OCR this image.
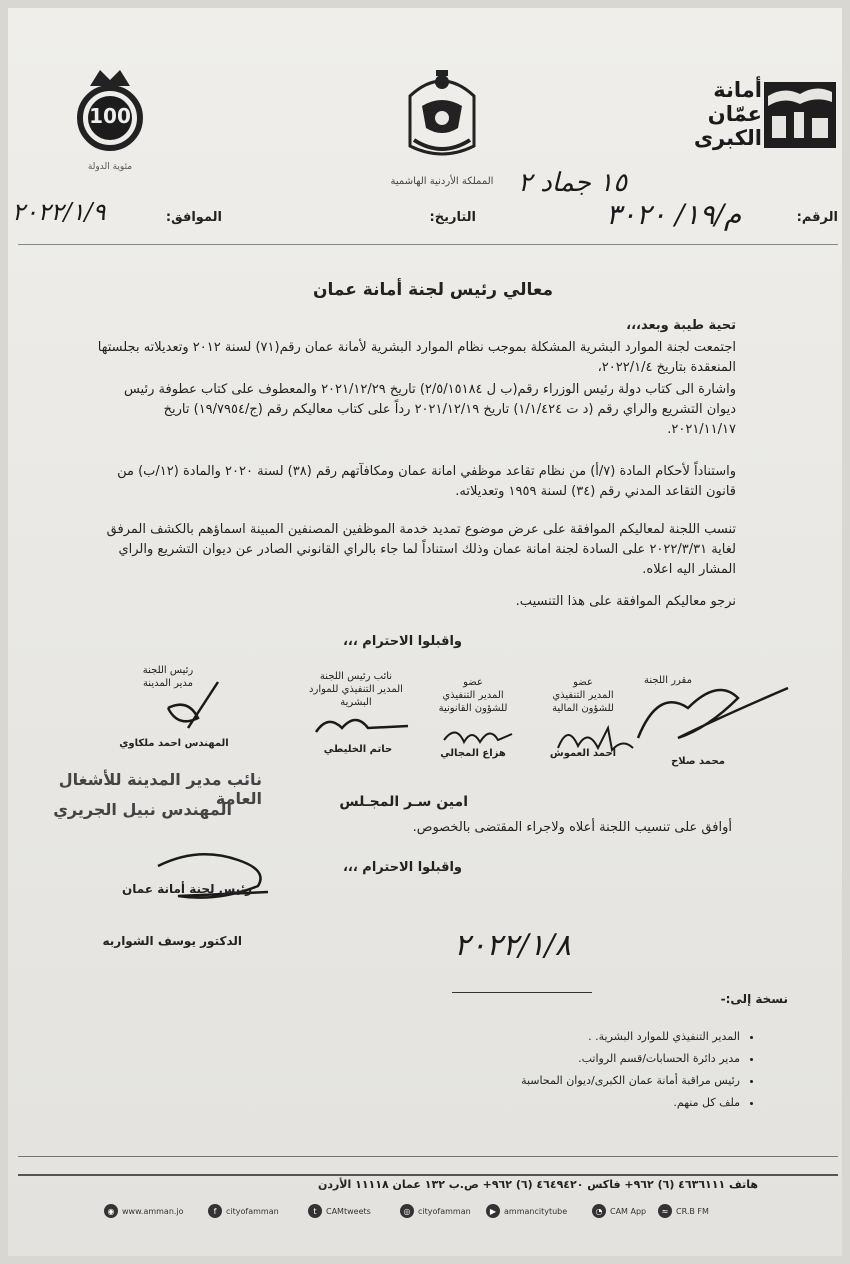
أمانة
عمّان
الكبرى
المملكة الأردنية الهاشمية
100
مئوية الدولة
١٥ جماد ٢
الرقم:
م/١٩/ ٣٠٢٠
التاريخ:
الموافق:
٢٠٢٢/١/٩
معالي رئيس لجنة أمانة عمان
تحية طيبة وبعد،،،
اجتمعت لجنة الموارد البشرية المشكلة بموجب نظام الموارد البشرية لأمانة عمان رقم(٧١) لسنة ٢٠١٢ وتعديلاته بجلستها المنعقدة بتاريخ ٢٠٢٢/١/٤،
واشارة الى كتاب دولة رئيس الوزراء رقم(ب ل ٢/٥/١٥١٨٤) تاريخ ٢٠٢١/١٢/٢٩ والمعطوف على كتاب عطوفة رئيس ديوان التشريع والراي رقم (د ت ١/١/٤٢٤) تاريخ ٢٠٢١/١٢/١٩ رداً على كتاب معاليكم رقم (ج/١٩/٧٩٥٤) تاريخ ٢٠٢١/١١/١٧.
واستناداً لأحكام المادة (٧/أ) من نظام تقاعد موظفي امانة عمان ومكافآتهم رقم (٣٨) لسنة ٢٠٢٠ والمادة (١٢/ب) من قانون التقاعد المدني رقم (٣٤) لسنة ١٩٥٩ وتعديلاته.
تنسب اللجنة لمعاليكم الموافقة على عرض موضوع تمديد خدمة الموظفين المصنفين المبينة اسماؤهم بالكشف المرفق لغاية ٢٠٢٢/٣/٣١ على السادة لجنة امانة عمان وذلك استناداً لما جاء بالراي القانوني الصادر عن ديوان التشريع والراي المشار اليه اعلاه.
نرجو معاليكم الموافقة على هذا التنسيب.
واقبلوا الاحترام ،،،
مقرر اللجنة
محمد صلاح
عضو
المدير التنفيذي
للشؤون المالية
احمد العموش
عضو
المدير التنفيذي
للشؤون القانونية
هزاع المجالي
نائب رئيس اللجنة
المدير التنفيذي للموارد
البشرية
حاتم الخليطي
رئيس اللجنة
مدير المدينة
المهندس احمد ملكاوي
نائب مدير المدينة للأشغال العامة
المهندس نبيل الجريري	امين سـر المجـلس
أوافق على تنسيب اللجنة أعلاه ولاجراء المقتضى بالخصوص.
واقبلوا الاحترام ،،،
رئيس لجنة أمانة عمان
الدكتور يوسف الشواربه	٢٠٢٢/١/٨
نسخة إلى:-
• المدير التنفيذي للموارد البشرية. .
• مدير دائرة الحسابات/قسم الرواتب.
• رئيس مراقبة أمانة عمان الكبرى/ديوان المحاسبة
• ملف كل منهم.
هاتف ٤٦٣٦١١١ (٦) ٩٦٢+ فاكس ٤٦٤٩٤٢٠ (٦) ٩٦٢+ ص.ب ١٣٢ عمان ١١١١٨ الأردن
◉ www.amman.jo	f	cityofamman	t	CAMtweets	◎ cityofamman	▶ ammancitytube	◔ CAM App	≈ CR.B FM
